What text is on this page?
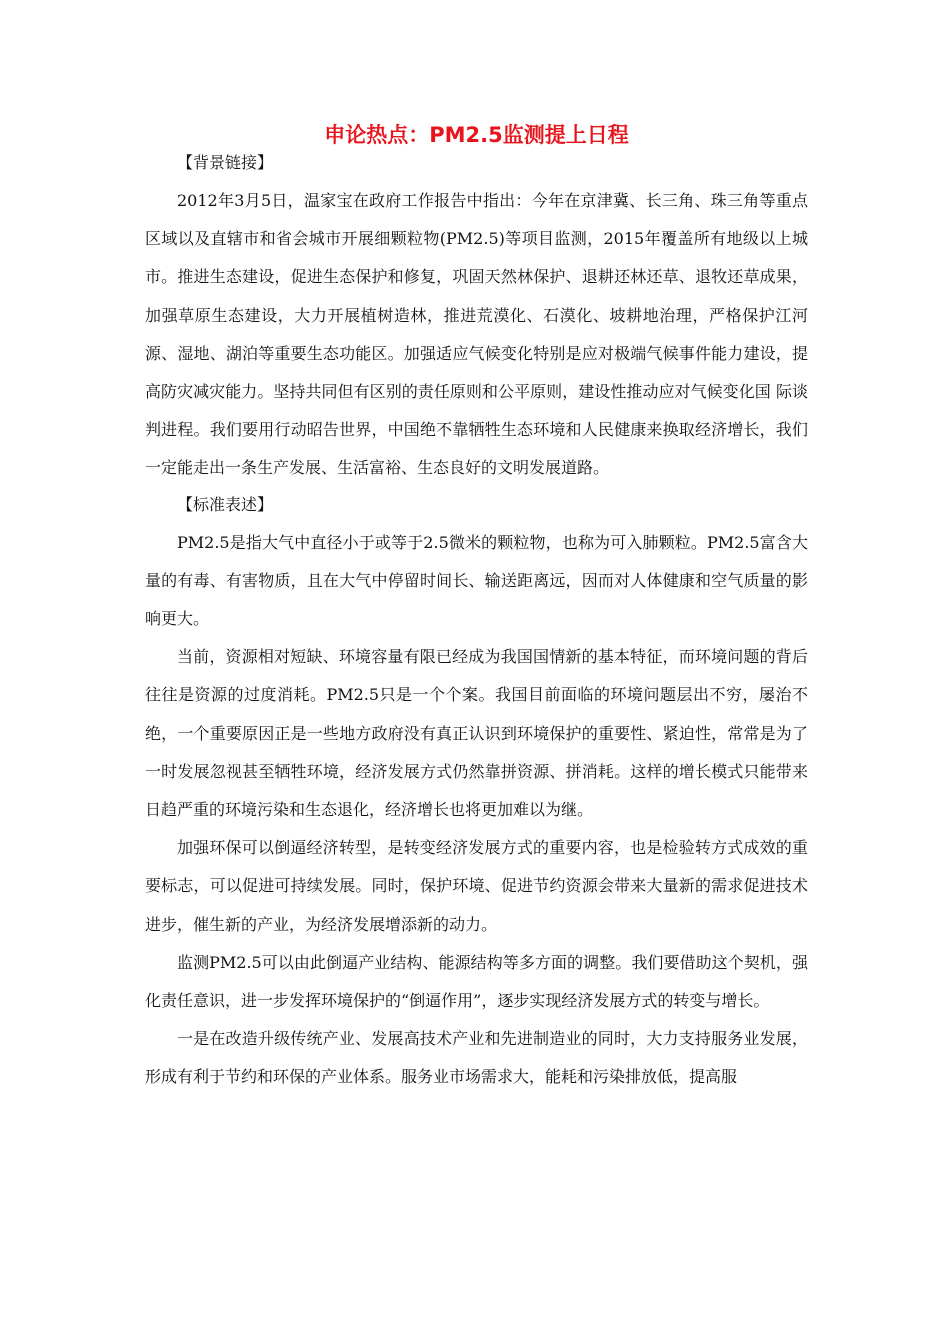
申论热点：PM2.5监测提上日程

【背景链接】

2012年3月5日，温家宝在政府工作报告中指出：今年在京津冀、长三角、珠三角等重点区域以及直辖市和省会城市开展细颗粒物(PM2.5)等项目监测，2015年覆盖所有地级以上城市。推进生态建设，促进生态保护和修复，巩固天然林保护、退耕还林还草、退牧还草成果，加强草原生态建设，大力开展植树造林，推进荒漠化、石漠化、坡耕地治理，严格保护江河源、湿地、湖泊等重要生态功能区。加强适应气候变化特别是应对极端气候事件能力建设，提高防灾减灾能力。坚持共同但有区别的责任原则和公平原则，建设性推动应对气候变化国 际谈判进程。我们要用行动昭告世界，中国绝不靠牺牲生态环境和人民健康来换取经济增长，我们一定能走出一条生产发展、生活富裕、生态良好的文明发展道路。

【标准表述】

PM2.5是指大气中直径小于或等于2.5微米的颗粒物，也称为可入肺颗粒。PM2.5富含大量的有毒、有害物质，且在大气中停留时间长、输送距离远，因而对人体健康和空气质量的影响更大。

当前，资源相对短缺、环境容量有限已经成为我国国情新的基本特征，而环境问题的背后往往是资源的过度消耗。PM2.5只是一个个案。我国目前面临的环境问题层出不穷，屡治不绝，一个重要原因正是一些地方政府没有真正认识到环境保护的重要性、紧迫性，常常是为了一时发展忽视甚至牺牲环境，经济发展方式仍然靠拼资源、拼消耗。这样的增长模式只能带来日趋严重的环境污染和生态退化，经济增长也将更加难以为继。

加强环保可以倒逼经济转型，是转变经济发展方式的重要内容，也是检验转方式成效的重要标志，可以促进可持续发展。同时，保护环境、促进节约资源会带来大量新的需求促进技术进步，催生新的产业，为经济发展增添新的动力。

监测PM2.5可以由此倒逼产业结构、能源结构等多方面的调整。我们要借助这个契机，强化责任意识，进一步发挥环境保护的“倒逼作用”，逐步实现经济发展方式的转变与增长。

一是在改造升级传统产业、发展高技术产业和先进制造业的同时，大力支持服务业发展，形成有利于节约和环保的产业体系。服务业市场需求大，能耗和污染排放低，提高服
